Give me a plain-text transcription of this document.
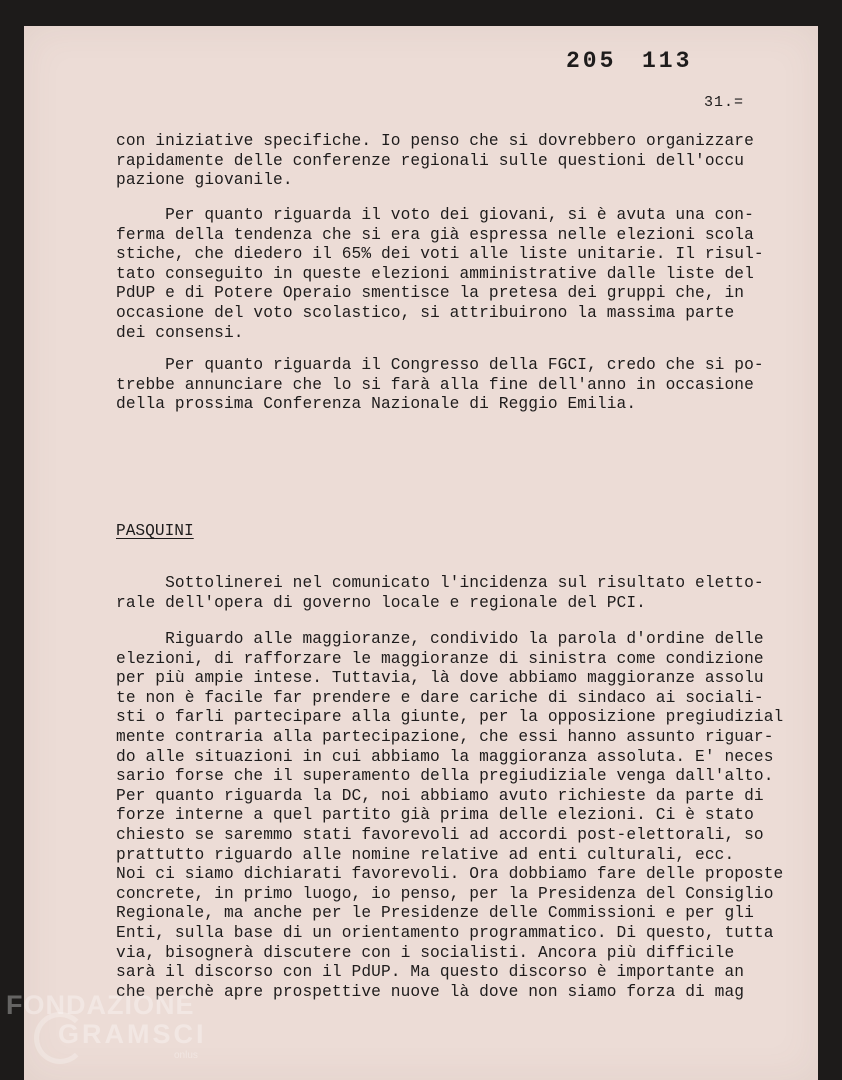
205 113
31.=

con iniziative specifiche. Io penso che si dovrebbero organizzare
rapidamente delle conferenze regionali sulle questioni dell'occu
pazione giovanile.
Per quanto riguarda il voto dei giovani, si è avuta una con-
ferma della tendenza che si era già espressa nelle elezioni scola
stiche, che diedero il 65% dei voti alle liste unitarie. Il risul-
tato conseguito in queste elezioni amministrative dalle liste del
PdUP e di Potere Operaio smentisce la pretesa dei gruppi che, in
occasione del voto scolastico, si attribuirono la massima parte
dei consensi.
Per quanto riguarda il Congresso della FGCI, credo che si po-
trebbe annunciare che lo si farà alla fine dell'anno in occasione
della prossima Conferenza Nazionale di Reggio Emilia.
PASQUINI
Sottolinerei nel comunicato l'incidenza sul risultato eletto-
rale dell'opera di governo locale e regionale del PCI.
Riguardo alle maggioranze, condivido la parola d'ordine delle
elezioni, di rafforzare le maggioranze di sinistra come condizione
per più ampie intese. Tuttavia, là dove abbiamo maggioranze assolu
te non è facile far prendere e dare cariche di sindaco ai sociali-
sti o farli partecipare alla giunte, per la opposizione pregiudizial
mente contraria alla partecipazione, che essi hanno assunto riguar-
do alle situazioni in cui abbiamo la maggioranza assoluta. E' neces
sario forse che il superamento della pregiudiziale venga dall'alto.
Per quanto riguarda la DC, noi abbiamo avuto richieste da parte di
forze interne a quel partito già prima delle elezioni. Ci è stato
chiesto se saremmo stati favorevoli ad accordi post-elettorali, so
prattutto riguardo alle nomine relative ad enti culturali, ecc.
Noi ci siamo dichiarati favorevoli. Ora dobbiamo fare delle proposte
concrete, in primo luogo, io penso, per la Presidenza del Consiglio
Regionale, ma anche per le Presidenze delle Commissioni e per gli
Enti, sulla base di un orientamento programmatico. Di questo, tutta
via, bisognerà discutere con i socialisti. Ancora più difficile
sarà il discorso con il PdUP. Ma questo discorso è importante an
che perchè apre prospettive nuove là dove non siamo forza di mag
FONDAZIONE
GRAMSCI
onlus
